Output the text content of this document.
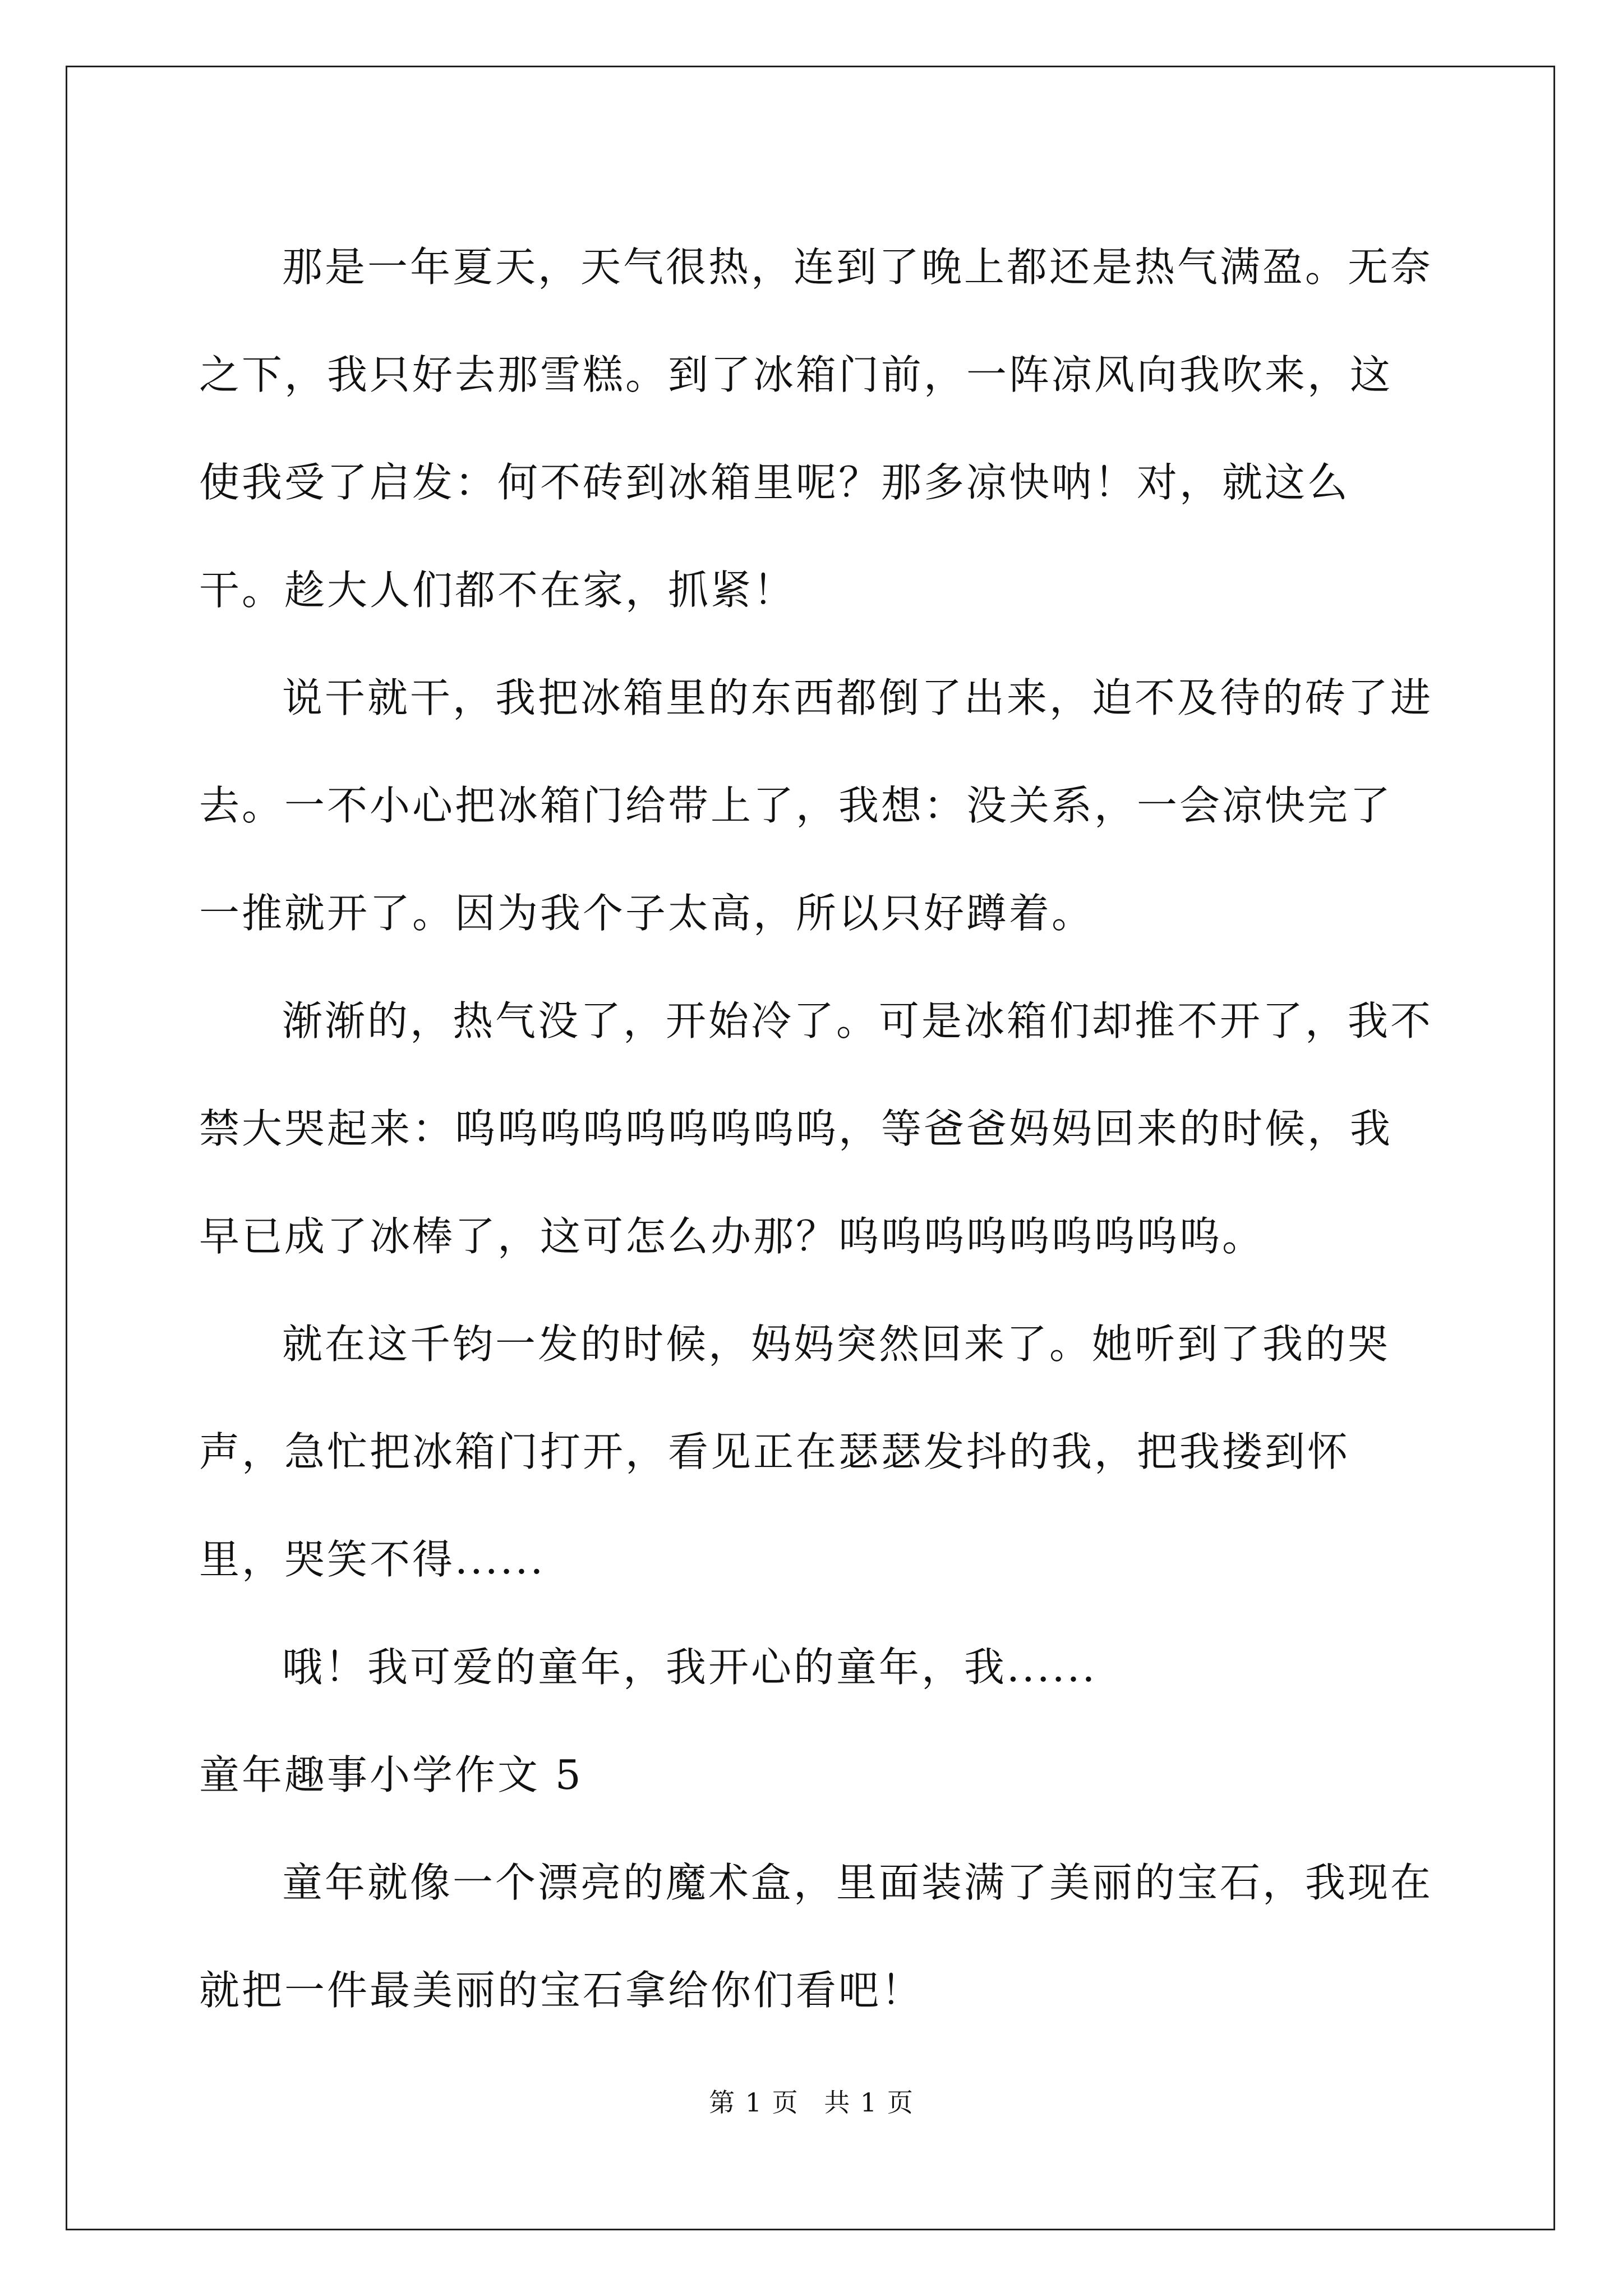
那是一年夏天，天气很热，连到了晚上都还是热气满盈。无奈之下，我只好去那雪糕。到了冰箱门前，一阵凉风向我吹来，这使我受了启发：何不砖到冰箱里呢？那多凉快呐！对，就这么干。趁大人们都不在家，抓紧！

说干就干，我把冰箱里的东西都倒了出来，迫不及待的砖了进去。一不小心把冰箱门给带上了，我想：没关系，一会凉快完了一推就开了。因为我个子太高，所以只好蹲着。

渐渐的，热气没了，开始冷了。可是冰箱们却推不开了，我不禁大哭起来：呜呜呜呜呜呜呜呜呜，等爸爸妈妈回来的时候，我早已成了冰棒了，这可怎么办那？呜呜呜呜呜呜呜呜呜。

就在这千钧一发的时候，妈妈突然回来了。她听到了我的哭声，急忙把冰箱门打开，看见正在瑟瑟发抖的我，把我搂到怀里，哭笑不得......

哦！我可爱的童年，我开心的童年，我......

童年趣事小学作文 5

童年就像一个漂亮的魔术盒，里面装满了美丽的宝石，我现在就把一件最美丽的宝石拿给你们看吧！

第 1 页 共 1 页
